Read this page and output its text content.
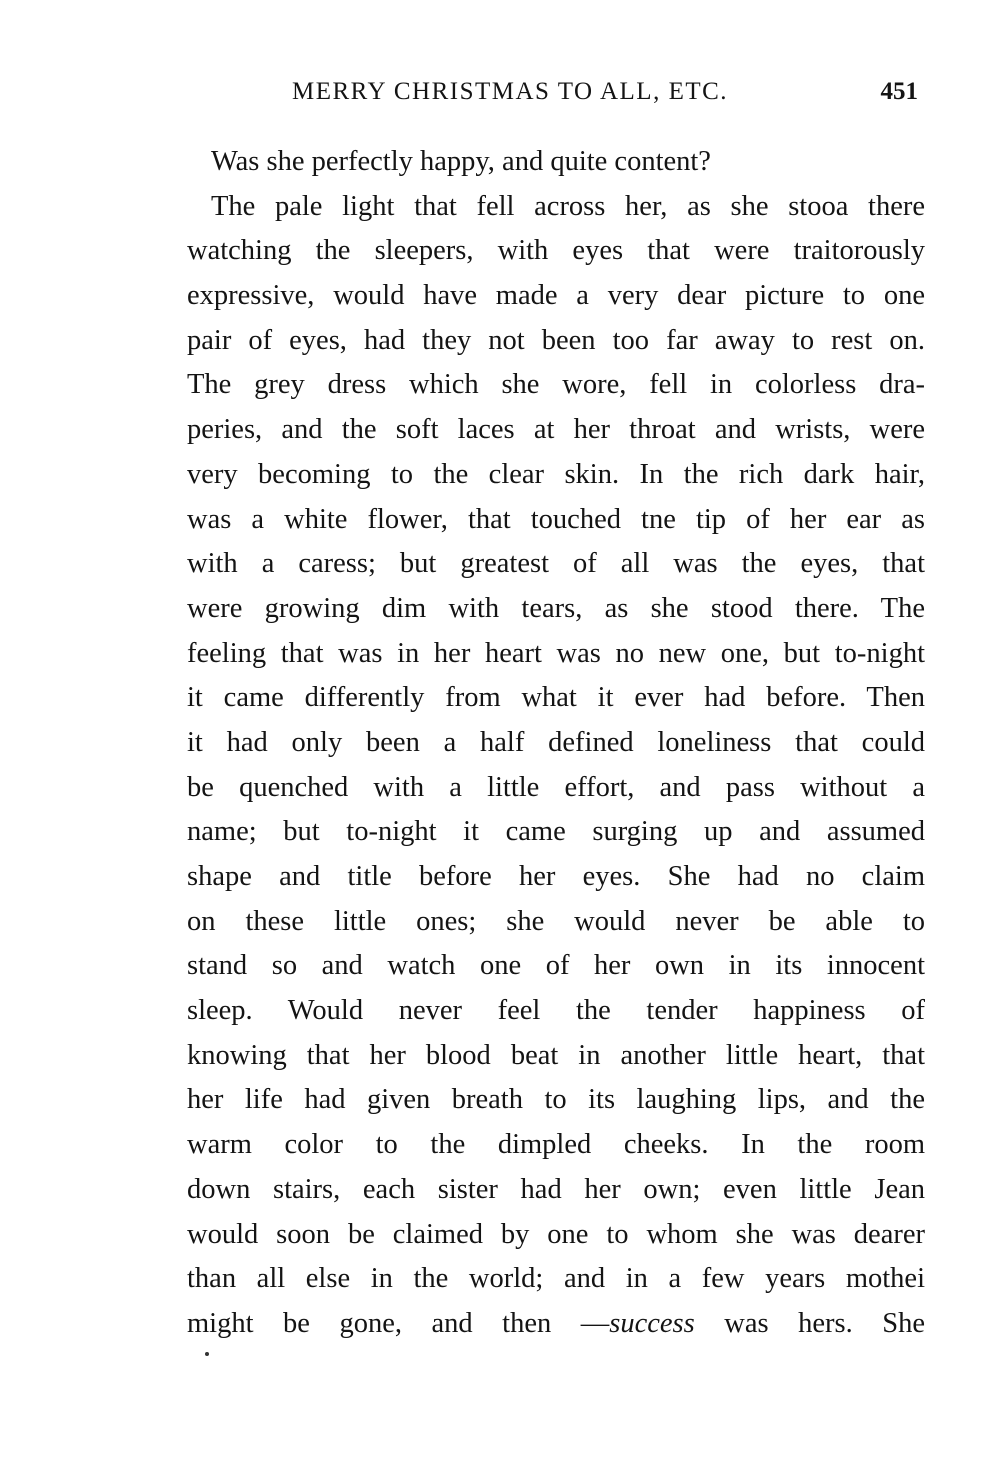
MERRY CHRISTMAS TO ALL, ETC.	451
Was she perfectly happy, and quite content?
The pale light that fell across her, as she stooa there
watching the sleepers, with eyes that were traitorously
expressive, would have made a very dear picture to one
pair of eyes, had they not been too far away to rest on.
The grey dress which she wore, fell in colorless dra-
peries, and the soft laces at her throat and wrists, were
very becoming to the clear skin. In the rich dark hair,
was a white flower, that touched tne tip of her ear as
with a caress; but greatest of all was the eyes, that
were growing dim with tears, as she stood there. The
feeling that was in her heart was no new one, but to-night
it came differently from what it ever had before. Then
it had only been a half defined loneliness that could
be quenched with a little effort, and pass without a
name; but to-night it came surging up and assumed
shape and title before her eyes. She had no claim
on these little ones; she would never be able to
stand so and watch one of her own in its innocent
sleep. Would never feel the tender happiness of
knowing that her blood beat in another little heart, that
her life had given breath to its laughing lips, and the
warm color to the dimpled cheeks. In the room
down stairs, each sister had her own; even little Jean
would soon be claimed by one to whom she was dearer
than all else in the world; and in a few years mothei
might be gone, and then —success was hers. She
